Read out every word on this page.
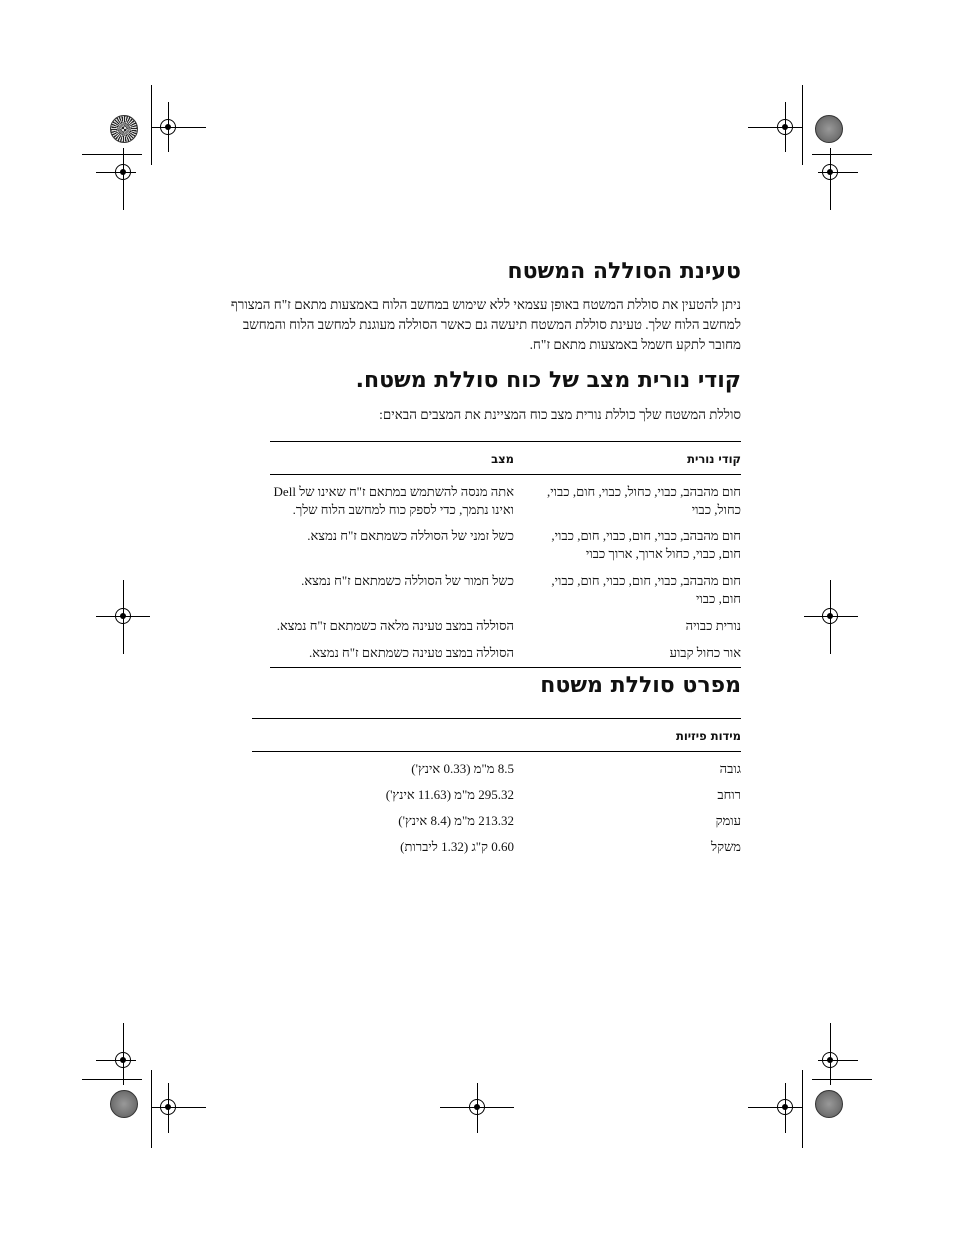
טעינת הסוללה המשטח

ניתן להטעין את סוללת המשטח באופן עצמאי ללא שימוש במחשב הלוח באמצעות מתאם ז"ח המצורף למחשב הלוח שלך. טעינת סוללת המשטח תיעשה גם כאשר הסוללה מעוגנת למחשב הלוח והמחשב מחובר לתקע חשמל באמצעות מתאם ז"ח.

קודי נורית מצב של כוח סוללת משטח.

סוללת המשטח שלך כוללת נורית מצב כוח המציינת את המצבים הבאים:

קודי נורית	מצב
חום מהבהב, כבוי, כחול, כבוי, חום, כבוי, כחול, כבוי	אתה מנסה להשתמש במתאם ז"ח שאינו של Dell ואינו נתמך, כדי לספק כוח למחשב הלוח שלך.
חום מהבהב, כבוי, חום, כבוי, חום, כבוי, חום, כבוי, כחול ארוך, ארוך כבוי	כשל זמני של הסוללה כשמתאם ז"ח נמצא.
חום מהבהב, כבוי, חום, כבוי, חום, כבוי, חום, כבוי	כשל חמור של הסוללה כשמתאם ז"ח נמצא.
נורית כבויה	הסוללה במצב טעינה מלאה כשמתאם ז"ח נמצא.
אור כחול קבוע	הסוללה במצב טעינה כשמתאם ז"ח נמצא.
מפרט סוללת משטח
מידות פיזיות	
גובה	8.5 מ"מ (0.33 אינץ')
רוחב	295.32 מ"מ (11.63 אינץ')
עומק	213.32 מ"מ (8.4 אינץ')
משקל	0.60 ק"ג (1.32 ליברות)
